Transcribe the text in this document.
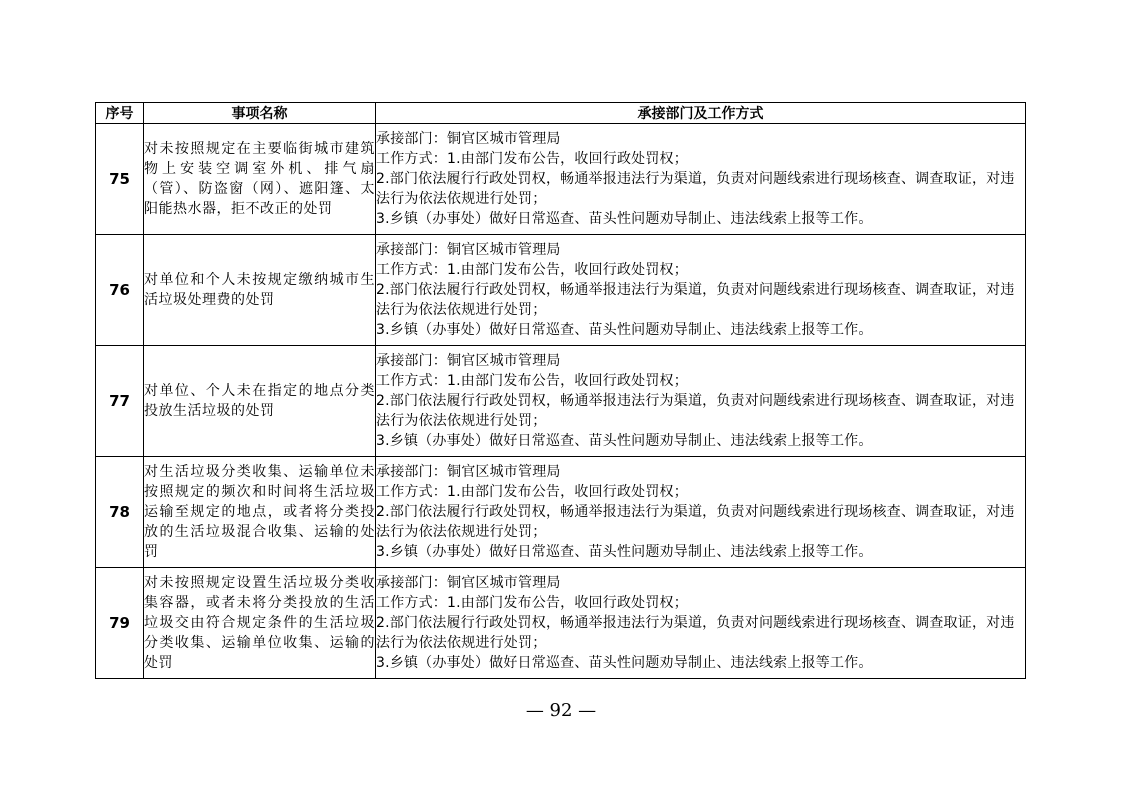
序号	事项名称	承接部门及工作方式
75	对未按照规定在主要临街城市建筑物上安装空调室外机、排气扇（管）、防盗窗（网）、遮阳篷、太阳能热水器，拒不改正的处罚	承接部门：铜官区城市管理局
工作方式：1.由部门发布公告，收回行政处罚权；
2.部门依法履行行政处罚权，畅通举报违法行为渠道，负责对问题线索进行现场核查、调查取证，对违法行为依法依规进行处罚；
3.乡镇（办事处）做好日常巡查、苗头性问题劝导制止、违法线索上报等工作。

76	对单位和个人未按规定缴纳城市生活垃圾处理费的处罚	承接部门：铜官区城市管理局
工作方式：1.由部门发布公告，收回行政处罚权；
2.部门依法履行行政处罚权，畅通举报违法行为渠道，负责对问题线索进行现场核查、调查取证，对违法行为依法依规进行处罚；
3.乡镇（办事处）做好日常巡查、苗头性问题劝导制止、违法线索上报等工作。

77	对单位、个人未在指定的地点分类投放生活垃圾的处罚	承接部门：铜官区城市管理局
工作方式：1.由部门发布公告，收回行政处罚权；
2.部门依法履行行政处罚权，畅通举报违法行为渠道，负责对问题线索进行现场核查、调查取证，对违法行为依法依规进行处罚；
3.乡镇（办事处）做好日常巡查、苗头性问题劝导制止、违法线索上报等工作。

78	对生活垃圾分类收集、运输单位未按照规定的频次和时间将生活垃圾运输至规定的地点，或者将分类投放的生活垃圾混合收集、运输的处罚	承接部门：铜官区城市管理局
工作方式：1.由部门发布公告，收回行政处罚权；
2.部门依法履行行政处罚权，畅通举报违法行为渠道，负责对问题线索进行现场核查、调查取证，对违法行为依法依规进行处罚；
3.乡镇（办事处）做好日常巡查、苗头性问题劝导制止、违法线索上报等工作。

79	对未按照规定设置生活垃圾分类收集容器，或者未将分类投放的生活垃圾交由符合规定条件的生活垃圾分类收集、运输单位收集、运输的处罚	承接部门：铜官区城市管理局
工作方式：1.由部门发布公告，收回行政处罚权；
2.部门依法履行行政处罚权，畅通举报违法行为渠道，负责对问题线索进行现场核查、调查取证，对违法行为依法依规进行处罚；
3.乡镇（办事处）做好日常巡查、苗头性问题劝导制止、违法线索上报等工作。
— 92 —
